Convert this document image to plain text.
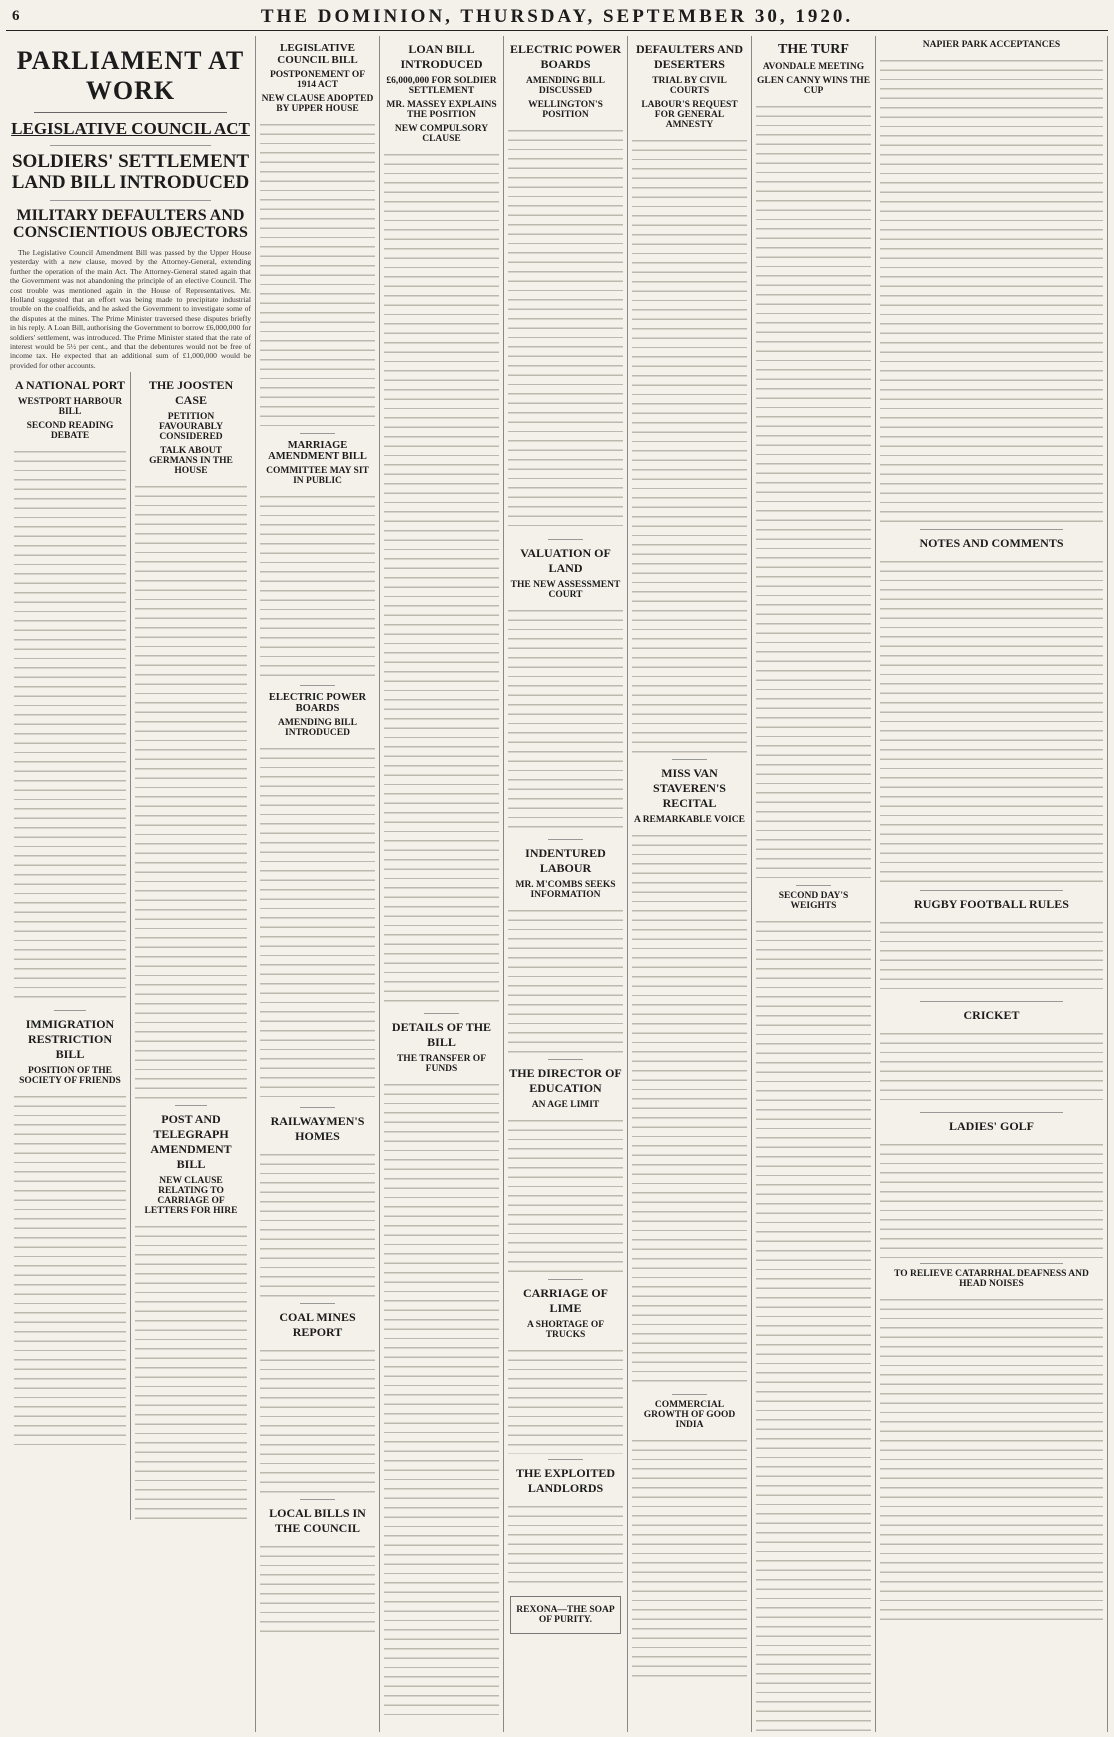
6	THE DOMINION, THURSDAY, SEPTEMBER 30, 1920.
PARLIAMENT AT WORK
LEGISLATIVE COUNCIL ACT
SOLDIERS' SETTLEMENT LAND BILL INTRODUCED
MILITARY DEFAULTERS AND CONSCIENTIOUS OBJECTORS

The Legislative Council Amendment Bill was passed by the Upper House yesterday with a new clause, moved by the Attorney-General, extending further the operation of the main Act. The Attorney-General stated again that the Government was not abandoning the principle of an elective Council. The cost trouble was mentioned again in the House of Representatives. Mr. Holland suggested that an effort was being made to precipitate industrial trouble on the coalfields, and he asked the Government to investigate some of the disputes at the mines. The Prime Minister traversed these disputes briefly in his reply. A Loan Bill, authorising the Government to borrow £6,000,000 for soldiers' settlement, was introduced. The Prime Minister stated that the rate of interest would be 5½ per cent., and that the debentures would not be free of income tax. He expected that an additional sum of £1,000,000 would be provided for other accounts.

A NATIONAL PORT
WESTPORT HARBOUR BILL
SECOND READING DEBATE
IMMIGRATION RESTRICTION BILL
POSITION OF THE SOCIETY OF FRIENDS
THE JOOSTEN CASE
PETITION FAVOURABLY CONSIDERED
TALK ABOUT GERMANS IN THE HOUSE
POST AND TELEGRAPH AMENDMENT BILL
NEW CLAUSE RELATING TO CARRIAGE OF LETTERS FOR HIRE
LEGISLATIVE COUNCIL BILL
POSTPONEMENT OF 1914 ACT
NEW CLAUSE ADOPTED BY UPPER HOUSE
MARRIAGE AMENDMENT BILL
COMMITTEE MAY SIT IN PUBLIC
ELECTRIC POWER BOARDS
AMENDING BILL INTRODUCED
RAILWAYMEN'S HOMES
COAL MINES REPORT
LOCAL BILLS IN THE COUNCIL
LOAN BILL INTRODUCED
£6,000,000 FOR SOLDIER SETTLEMENT
MR. MASSEY EXPLAINS THE POSITION
NEW COMPULSORY CLAUSE
DETAILS OF THE BILL
THE TRANSFER OF FUNDS
ELECTRIC POWER BOARDS
AMENDING BILL DISCUSSED
WELLINGTON'S POSITION
VALUATION OF LAND
THE NEW ASSESSMENT COURT
INDENTURED LABOUR
MR. M'COMBS SEEKS INFORMATION
THE DIRECTOR OF EDUCATION
AN AGE LIMIT
CARRIAGE OF LIME
A SHORTAGE OF TRUCKS
THE EXPLOITED LANDLORDS
REXONA—THE SOAP OF PURITY.
DEFAULTERS AND DESERTERS
TRIAL BY CIVIL COURTS
LABOUR'S REQUEST FOR GENERAL AMNESTY
MISS VAN STAVEREN'S RECITAL
A REMARKABLE VOICE
COMMERCIAL GROWTH OF GOOD INDIA
THE TURF
AVONDALE MEETING
GLEN CANNY WINS THE CUP
SECOND DAY'S WEIGHTS
NAPIER PARK ACCEPTANCES
NOTES AND COMMENTS
RUGBY FOOTBALL RULES
CRICKET
LADIES' GOLF
TO RELIEVE CATARRHAL DEAFNESS AND HEAD NOISES
